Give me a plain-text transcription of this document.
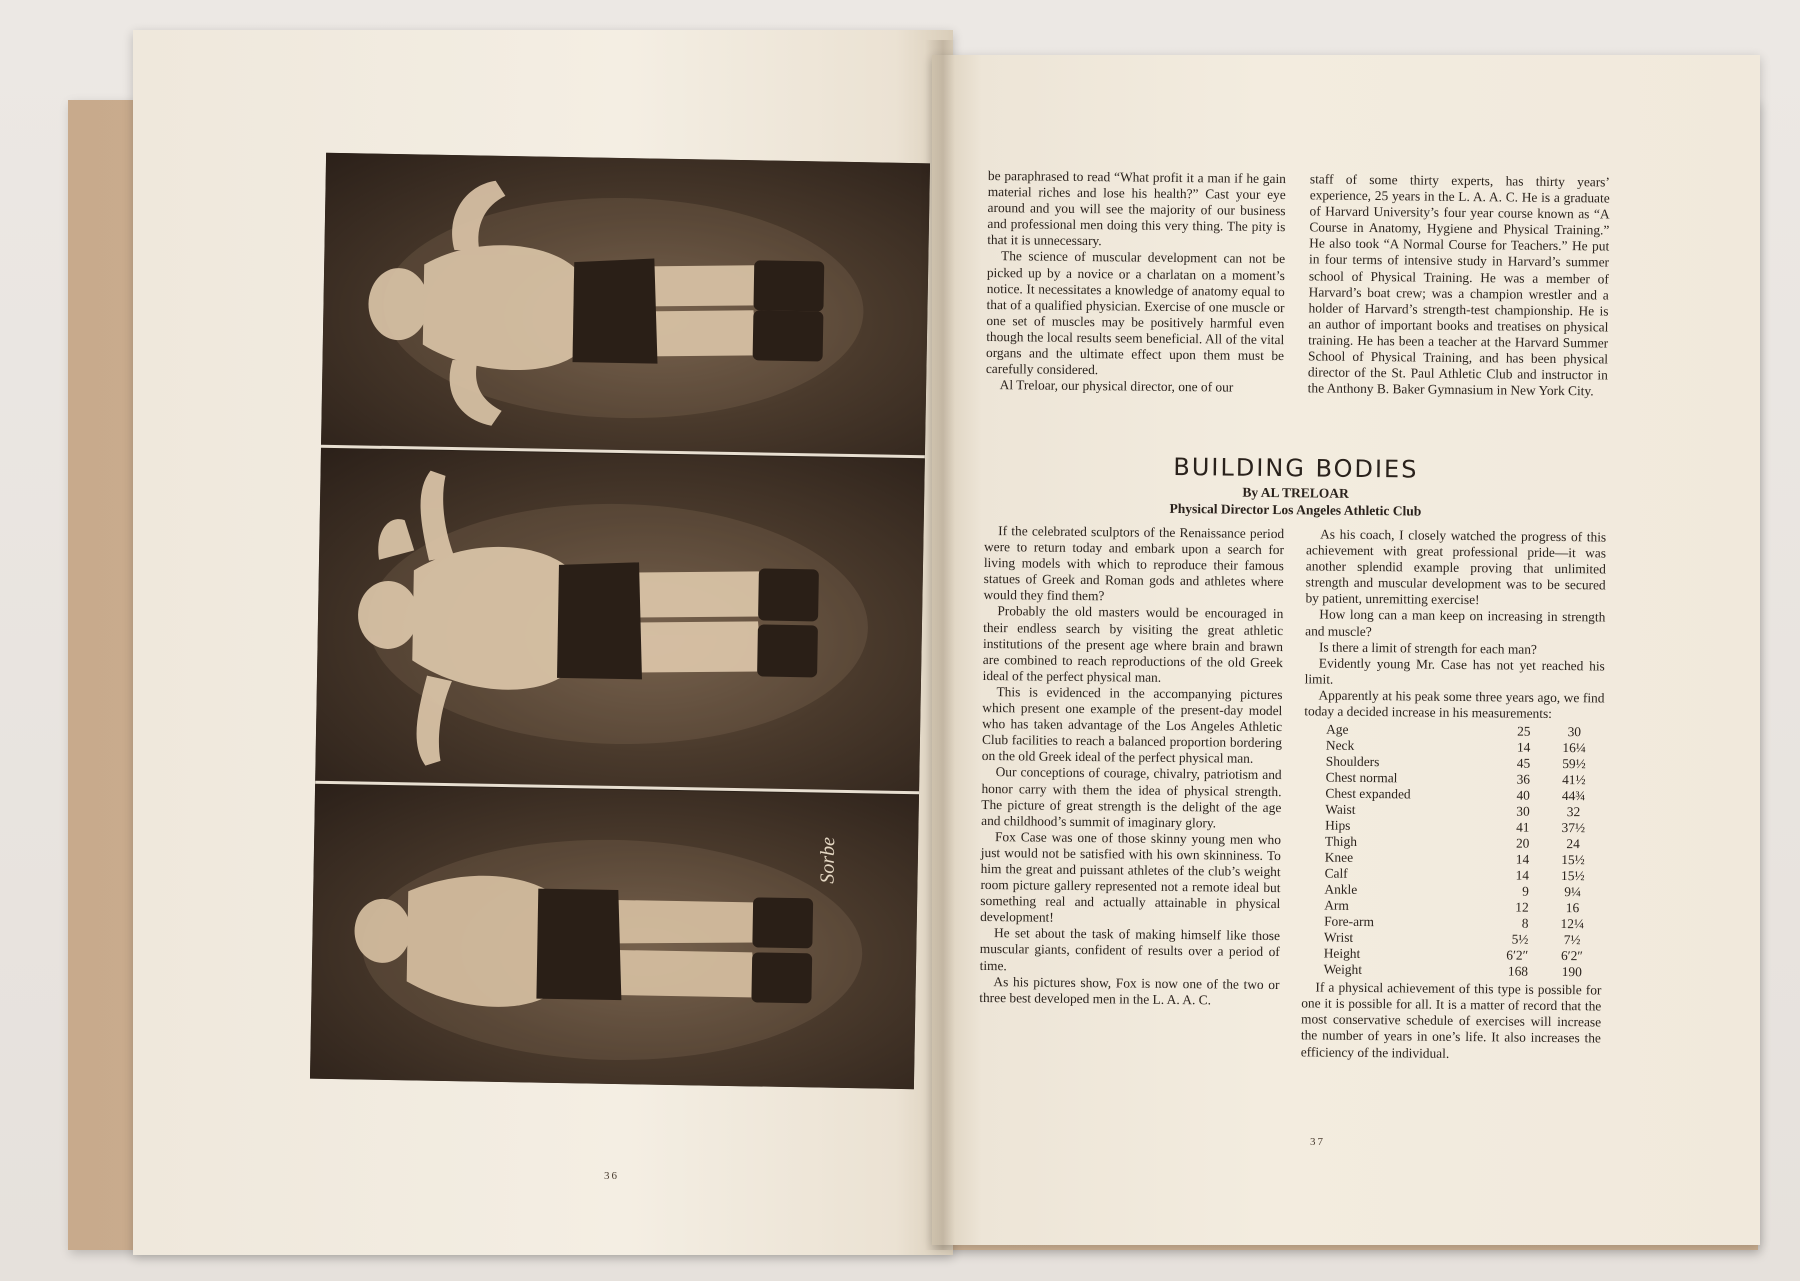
Sorbe
36

be paraphrased to read “What profit it a man if he gain material riches and lose his health?” Cast your eye around and you will see the majority of our business and professional men doing this very thing. The pity is that it is unnecessary.

The science of muscular development can not be picked up by a novice or a charlatan on a moment’s notice. It necessitates a knowledge of anatomy equal to that of a qualified physician. Exercise of one muscle or one set of muscles may be positively harmful even though the local results seem beneficial. All of the vital organs and the ultimate effect upon them must be carefully considered.

Al Treloar, our physical director, one of our

staff of some thirty experts, has thirty years’ experience, 25 years in the L. A. A. C. He is a graduate of Harvard University’s four year course known as “A Course in Anatomy, Hygiene and Physical Training.” He also took “A Normal Course for Teachers.” He put in four terms of intensive study in Harvard’s summer school of Physical Training. He was a member of Harvard’s boat crew; was a champion wrestler and a holder of Harvard’s strength-test championship. He is an author of important books and treatises on physical training. He has been a teacher at the Harvard Summer School of Physical Training, and has been physical director of the St. Paul Athletic Club and instructor in the Anthony B. Baker Gymnasium in New York City.

BUILDING BODIES
By AL TRELOAR
Physical Director Los Angeles Athletic Club

If the celebrated sculptors of the Renaissance period were to return today and embark upon a search for living models with which to reproduce their famous statues of Greek and Roman gods and athletes where would they find them?

Probably the old masters would be encouraged in their endless search by visiting the great athletic institutions of the present age where brain and brawn are combined to reach reproductions of the old Greek ideal of the perfect physical man.

This is evidenced in the accompanying pictures which present one example of the present-day model who has taken advantage of the Los Angeles Athletic Club facilities to reach a balanced proportion bordering on the old Greek ideal of the perfect physical man.

Our conceptions of courage, chivalry, patriotism and honor carry with them the idea of physical strength. The picture of great strength is the delight of the age and childhood’s summit of imaginary glory.

Fox Case was one of those skinny young men who just would not be satisfied with his own skinniness. To him the great and puissant athletes of the club’s weight room picture gallery represented not a remote ideal but something real and actually attainable in physical development!

He set about the task of making himself like those muscular giants, confident of results over a period of time.

As his pictures show, Fox is now one of the two or three best developed men in the L. A. A. C.

As his coach, I closely watched the progress of this achievement with great professional pride—it was another splendid example proving that unlimited strength and muscular development was to be secured by patient, unremitting exercise!

How long can a man keep on increasing in strength and muscle?

Is there a limit of strength for each man?

Evidently young Mr. Case has not yet reached his limit.

Apparently at his peak some three years ago, we find today a decided increase in his measurements:

Age	25	30
Neck	14	16¼
Shoulders	45	59½
Chest normal	36	41½
Chest expanded	40	44¾
Waist	30	32
Hips	41	37½
Thigh	20	24
Knee	14	15½
Calf	14	15½
Ankle	9	9¼
Arm	12	16
Fore-arm	8	12¼
Wrist	5½	7½
Height	6′2″	6′2″
Weight	168	190

If a physical achievement of this type is possible for one it is possible for all. It is a matter of record that the most conservative schedule of exercises will increase the number of years in one’s life. It also increases the efficiency of the individual.

37
